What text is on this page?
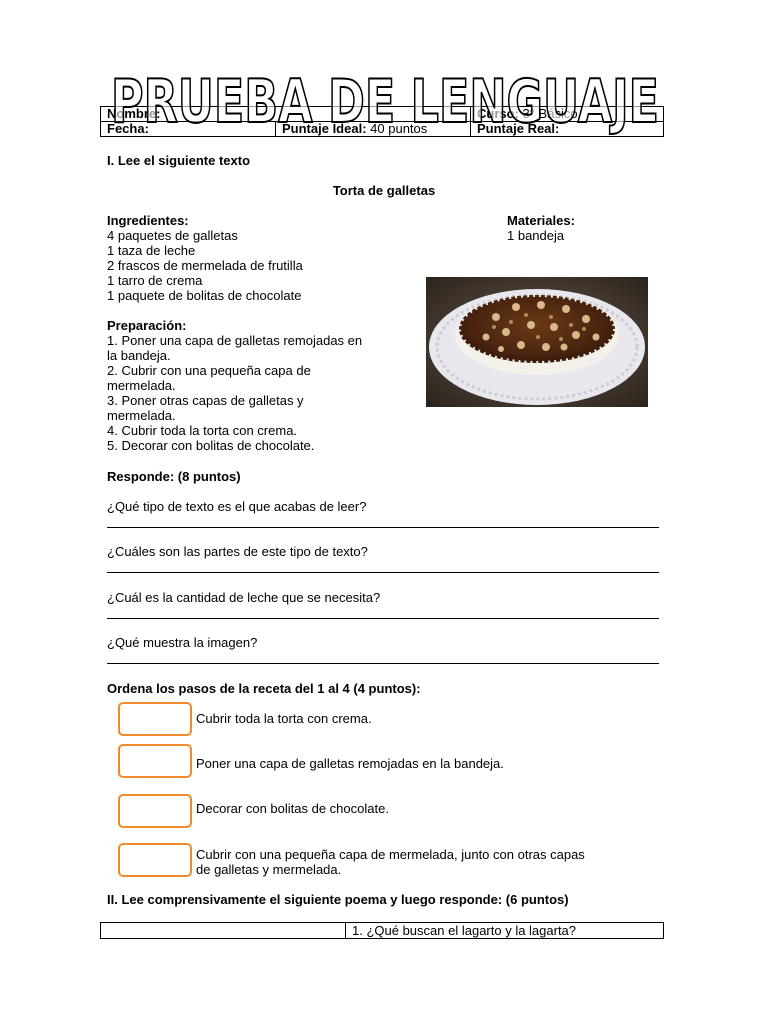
PRUEBA DE LENGUAJE
Nombre:		Curso: 3° Básico
Fecha:	Puntaje Ideal: 40 puntos	Puntaje Real:
I. Lee el siguiente texto
Torta de galletas
Ingredientes:
4 paquetes de galletas
1 taza de leche
2 frascos de mermelada de frutilla
1 tarro de crema
1 paquete de bolitas de chocolate
Materiales:
1 bandeja
Preparación:
1. Poner una capa de galletas remojadas en
la bandeja.
2. Cubrir con una pequeña capa de
mermelada.
3. Poner otras capas de galletas y
mermelada.
4. Cubrir toda la torta con crema.
5. Decorar con bolitas de chocolate.
Responde: (8 puntos)
¿Qué tipo de texto es el que acabas de leer?
¿Cuáles son las partes de este tipo de texto?
¿Cuál es la cantidad de leche que se necesita?
¿Qué muestra la imagen?
Ordena los pasos de la receta del 1 al 4 (4 puntos):
Cubrir toda la torta con crema.
Poner una capa de galletas remojadas en la bandeja.
Decorar con bolitas de chocolate.
Cubrir con una pequeña capa de mermelada, junto con otras capas
de galletas y mermelada.
II. Lee comprensivamente el siguiente poema y luego responde: (6 puntos)
	1. ¿Qué buscan el lagarto y la lagarta?
